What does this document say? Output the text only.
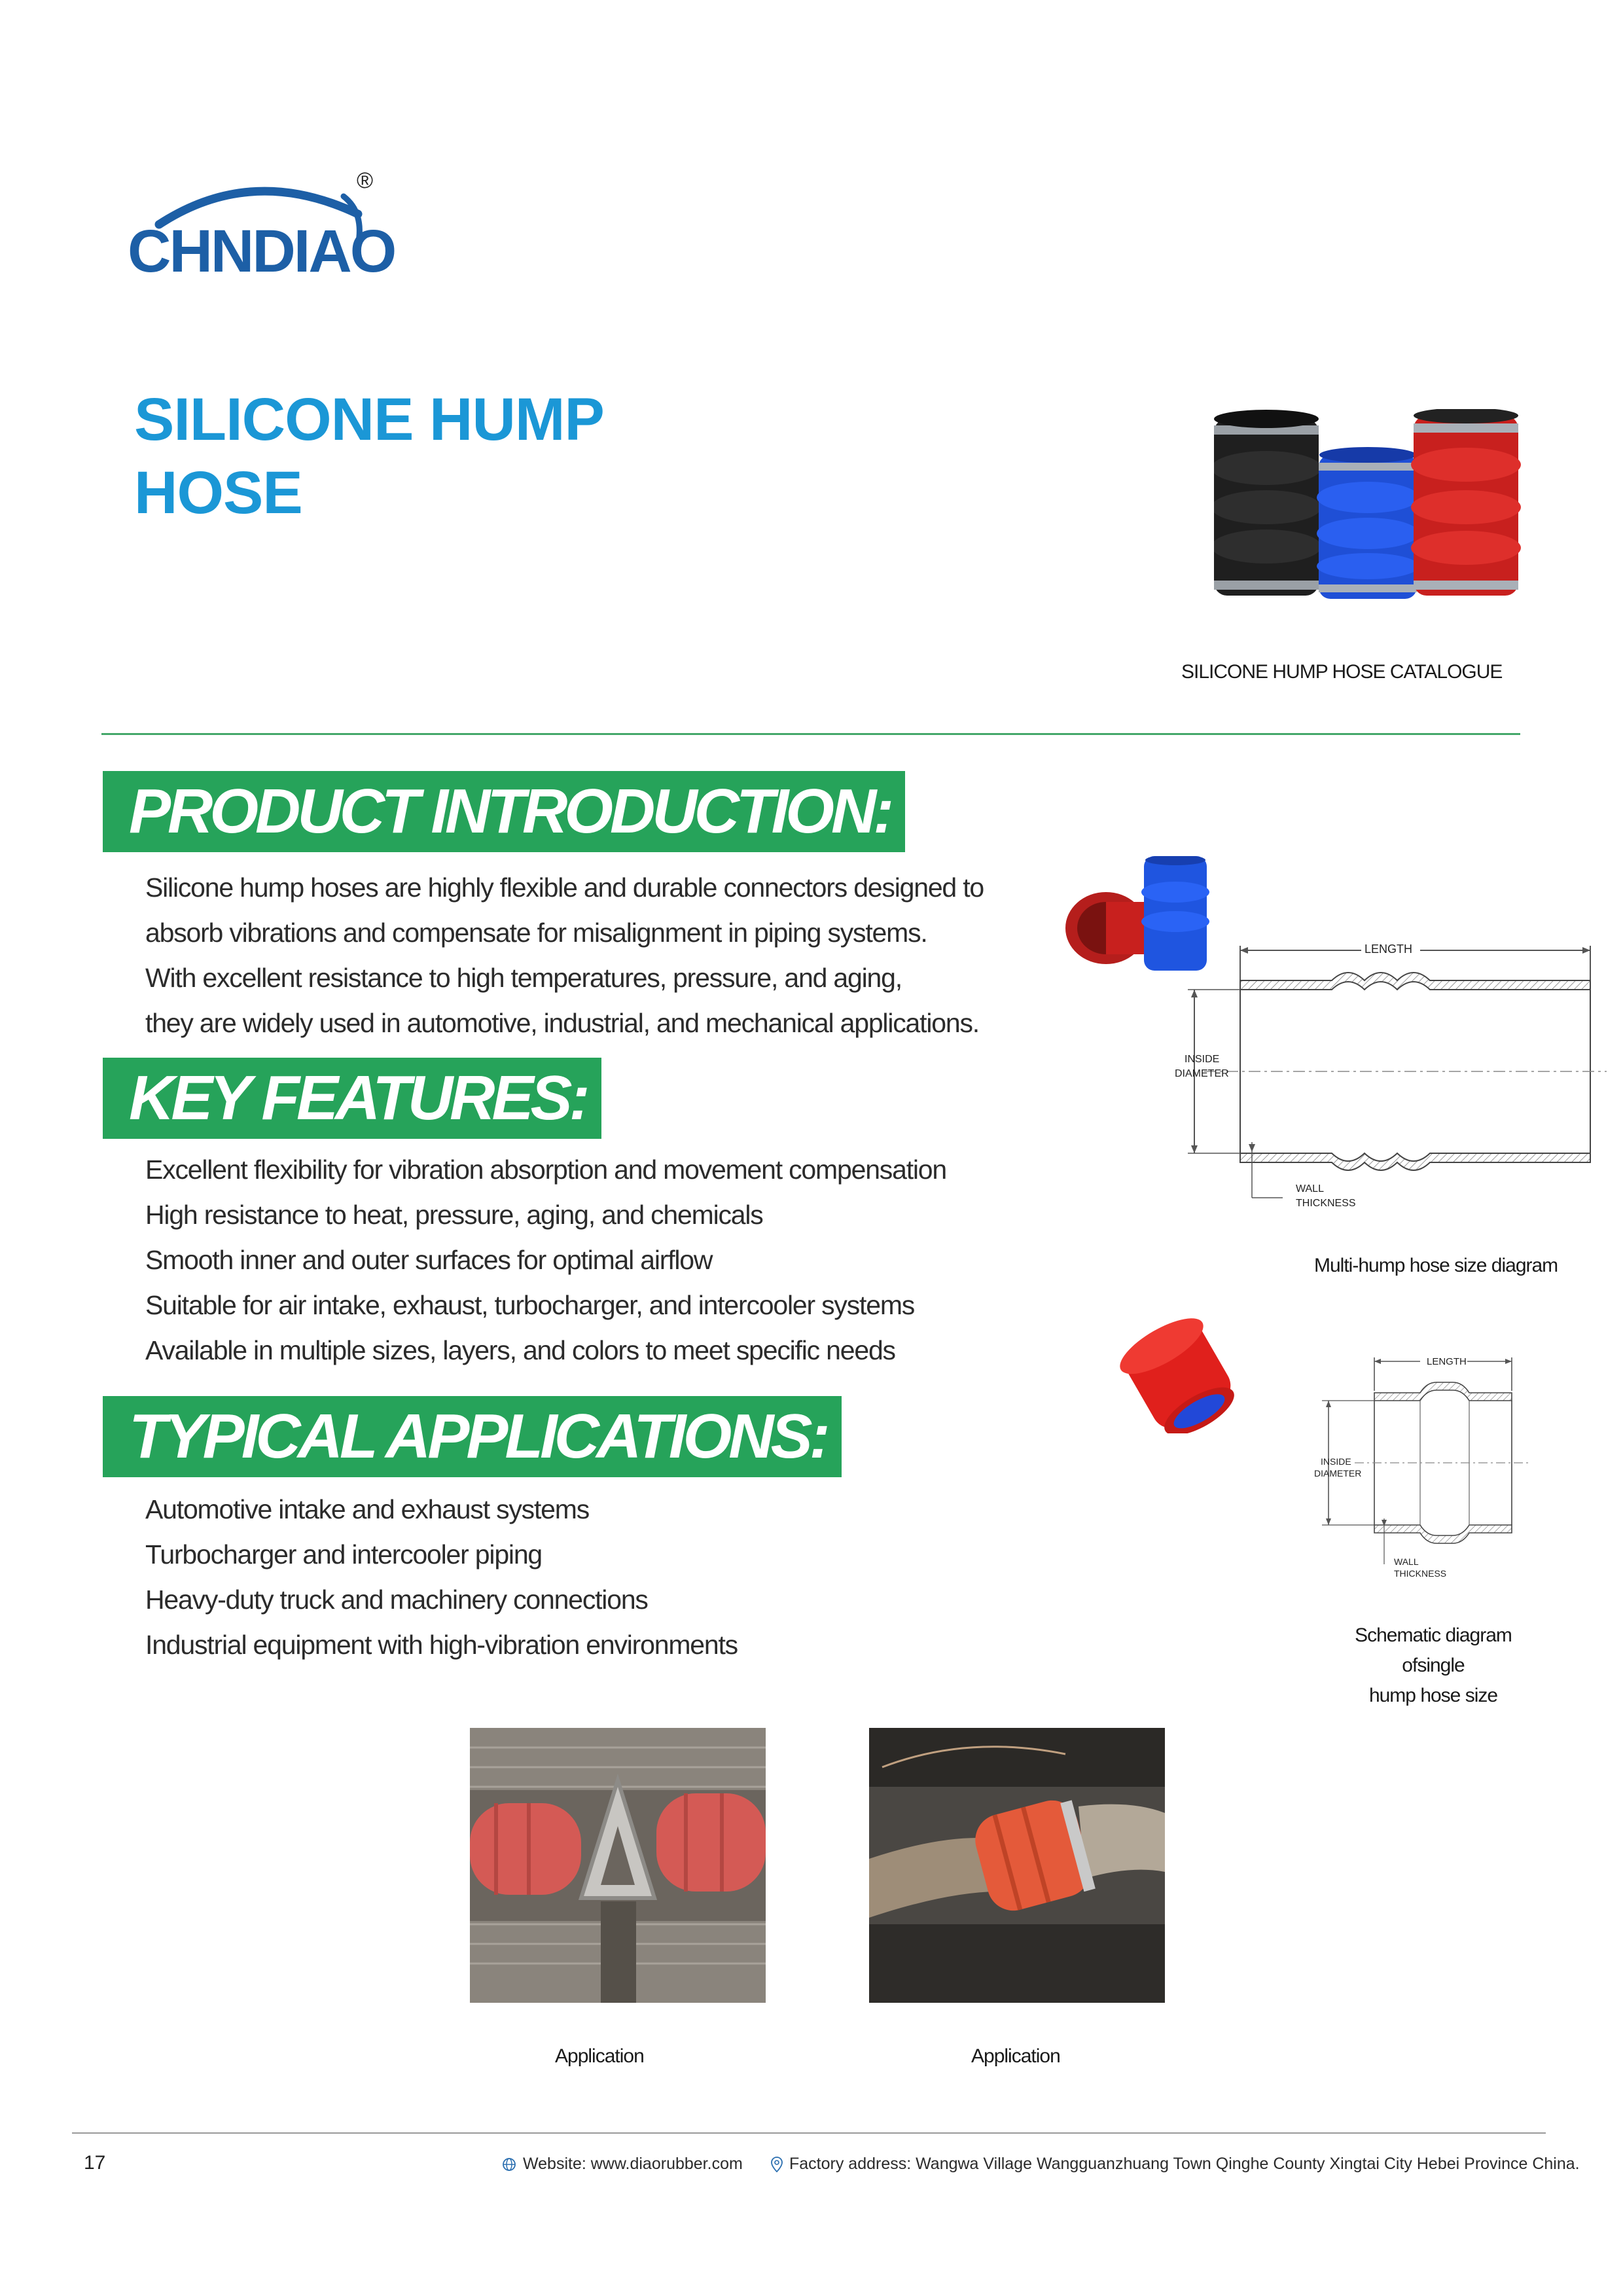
CHNDIAO
®
SILICONE HUMP
HOSE
SILICONE HUMP HOSE CATALOGUE
PRODUCT INTRODUCTION:
Silicone hump hoses are highly flexible and durable connectors designed to
absorb vibrations and compensate for misalignment in piping systems.
With excellent resistance to high temperatures, pressure, and aging,
they are widely used in automotive, industrial, and mechanical applications.
KEY FEATURES:
Excellent flexibility for vibration absorption and movement compensation
High resistance to heat, pressure, aging, and chemicals
Smooth inner and outer surfaces for optimal airflow
Suitable for air intake, exhaust, turbocharger, and intercooler systems
Available in multiple sizes, layers, and colors to meet specific needs
TYPICAL APPLICATIONS:
Automotive intake and exhaust systems
Turbocharger and intercooler piping
Heavy-duty truck and machinery connections
Industrial equipment with high-vibration environments
LENGTH
INSIDE
DIAMETER
WALL
THICKNESS
Multi-hump hose size diagram
LENGTH
INSIDE
DIAMETER
WALL
THICKNESS
Schematic diagram ofsingle
hump hose size
Application	Application
17	Website: www.diaorubber.com	Factory address: Wangwa Village Wangguanzhuang Town Qinghe County Xingtai City Hebei Province China.
